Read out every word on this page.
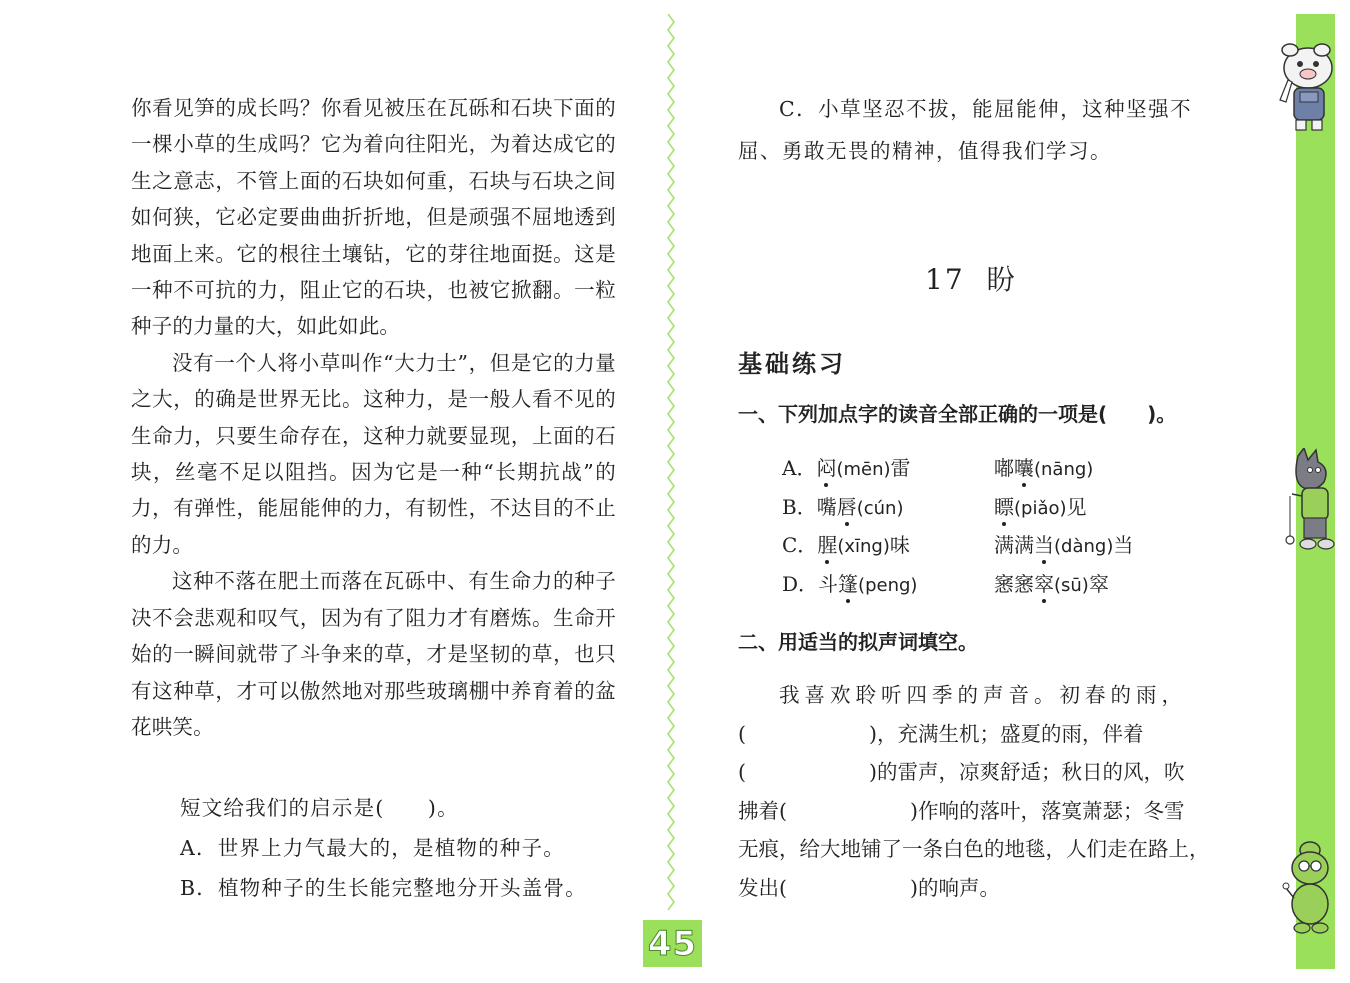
你看见笋的成长吗？你看见被压在瓦砾和石块下面的一棵小草的生成吗？它为着向往阳光，为着达成它的生之意志，不管上面的石块如何重，石块与石块之间如何狭，它必定要曲曲折折地，但是顽强不屈地透到地面上来。它的根往土壤钻，它的芽往地面挺。这是一种不可抗的力，阻止它的石块，也被它掀翻。一粒种子的力量的大，如此如此。

没有一个人将小草叫作“大力士”，但是它的力量之大，的确是世界无比。这种力，是一般人看不见的生命力，只要生命存在，这种力就要显现，上面的石块，丝毫不足以阻挡。因为它是一种“长期抗战”的力，有弹性，能屈能伸的力，有韧性，不达目的不止的力。

这种不落在肥土而落在瓦砾中、有生命力的种子决不会悲观和叹气，因为有了阻力才有磨炼。生命开始的一瞬间就带了斗争来的草，才是坚韧的草，也只有这种草，才可以傲然地对那些玻璃棚中养育着的盆花哄笑。

短文给我们的启示是(　　)。
A．世界上力气最大的，是植物的种子。
B．植物种子的生长能完整地分开头盖骨。
C．小草坚忍不拔，能屈能伸，这种坚强不
屈、勇敢无畏的精神，值得我们学习。
17 盼
基础练习
一、下列加点字的读音全部正确的一项是(　　)。
A．闷(mēn)雷	嘟囔(nāng)
B．嘴唇(cún)	瞟(piǎo)见
C．腥(xīng)味	满满当(dàng)当
D．斗篷(peng)	窸窸窣(sū)窣
二、用适当的拟声词填空。
我喜欢聆听四季的声音。初春的雨，
(　　　　　　)，充满生机；盛夏的雨，伴着
(　　　　　　)的雷声，凉爽舒适；秋日的风，吹
拂着(　　　　　　)作响的落叶，落寞萧瑟；冬雪
无痕，给大地铺了一条白色的地毯，人们走在路上，
发出(　　　　　　)的响声。
45
